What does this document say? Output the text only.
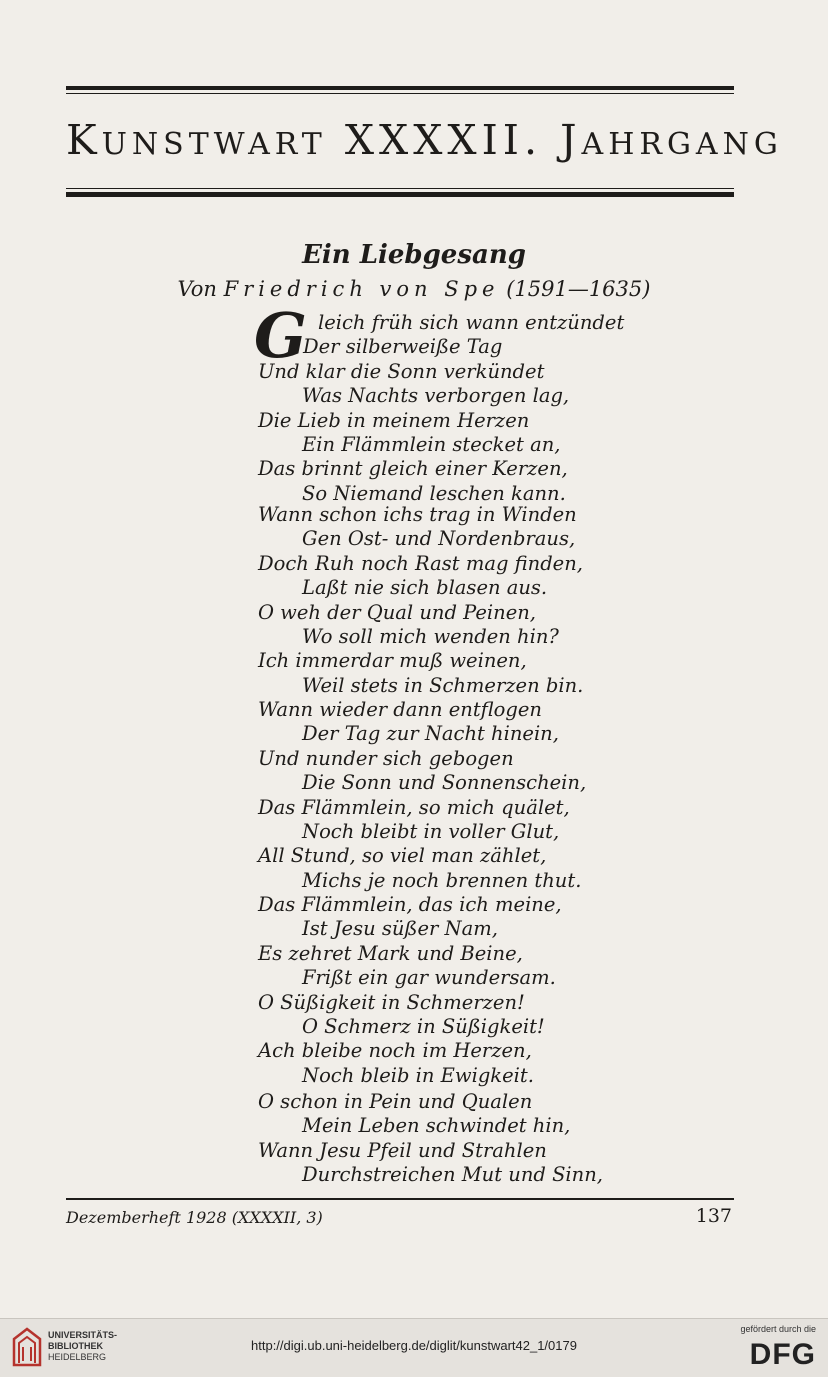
KUNSTWART XXXXII. JAHRGANG
Ein Liebgesang
Von Friedrich von Spe (1591—1635)
G leich früh sich wann entzündet
Der silberweiße Tag
Und klar die Sonn verkündet
Was Nachts verborgen lag,
Die Lieb in meinem Herzen
Ein Flämmlein stecket an,
Das brinnt gleich einer Kerzen,
So Niemand leschen kann.
Wann schon ichs trag in Winden
Gen Ost- und Nordenbraus,
Doch Ruh noch Rast mag finden,
Laßt nie sich blasen aus.
O weh der Qual und Peinen,
Wo soll mich wenden hin?
Ich immerdar muß weinen,
Weil stets in Schmerzen bin.
Wann wieder dann entflogen
Der Tag zur Nacht hinein,
Und nunder sich gebogen
Die Sonn und Sonnenschein,
Das Flämmlein, so mich quälet,
Noch bleibt in voller Glut,
All Stund, so viel man zählet,
Michs je noch brennen thut.
Das Flämmlein, das ich meine,
Ist Jesu süßer Nam,
Es zehret Mark und Beine,
Frißt ein gar wundersam.
O Süßigkeit in Schmerzen!
O Schmerz in Süßigkeit!
Ach bleibe noch im Herzen,
Noch bleib in Ewigkeit.
O schon in Pein und Qualen
Mein Leben schwindet hin,
Wann Jesu Pfeil und Strahlen
Durchstreichen Mut und Sinn,
Dezemberheft 1928 (XXXXII, 3)	137
UNIVERSITÄTS-
BIBLIOTHEK
HEIDELBERG
http://digi.ub.uni-heidelberg.de/diglit/kunstwart42_1/0179
gefördert durch die
DFG
